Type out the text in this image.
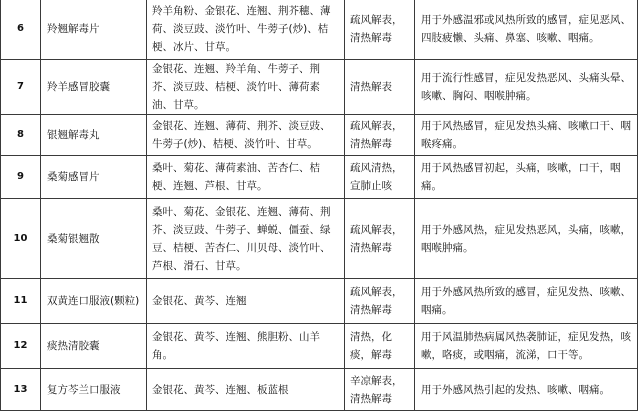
6	羚翘解毒片	羚羊角粉、金银花、连翘、荆芥穗、薄荷、淡豆豉、淡竹叶、牛蒡子(炒)、桔梗、冰片、甘草。	疏风解表，清热解毒	用于外感温邪或风热所致的感冒，症见恶风、四肢疲懒、头痛、鼻塞、咳嗽、咽痛。
7	羚羊感冒胶囊	金银花、连翘、羚羊角、牛蒡子、荆芥、淡豆豉、桔梗、淡竹叶、薄荷素油、甘草。	清热解表	用于流行性感冒，症见发热恶风、头痛头晕、咳嗽、胸闷、咽喉肿痛。
8	银翘解毒丸	金银花、连翘、薄荷、荆芥、淡豆豉、牛蒡子(炒)、桔梗、淡竹叶、甘草。	疏风解表，清热解毒	用于风热感冒，症见发热头痛、咳嗽口干、咽喉疼痛。
9	桑菊感冒片	桑叶、菊花、薄荷素油、苦杏仁、桔梗、连翘、芦根、甘草。	疏风清热，宣肺止咳	用于风热感冒初起，头痛，咳嗽，口干，咽痛。
10	桑菊银翘散	桑叶、菊花、金银花、连翘、薄荷、荆芥、淡豆豉、牛蒡子、蝉蜕、僵蚕、绿豆、桔梗、苦杏仁、川贝母、淡竹叶、芦根、滑石、甘草。	疏风解表，清热解毒	用于外感风热，症见发热恶风，头痛，咳嗽，咽喉肿痛。
11	双黄连口服液(颗粒)	金银花、黄芩、连翘	疏风解表，清热解毒	用于外感风热所致的感冒，症见发热、咳嗽、咽痛。
12	痰热清胶囊	金银花、黄芩、连翘、熊胆粉、山羊角。	清热，化痰，解毒	用于风温肺热病属风热袭肺证，症见发热，咳嗽，咯痰，或咽痛，流涕，口干等。
13	复方芩兰口服液	金银花、黄芩、连翘、板蓝根	辛凉解表，清热解毒	用于外感风热引起的发热、咳嗽、咽痛。
